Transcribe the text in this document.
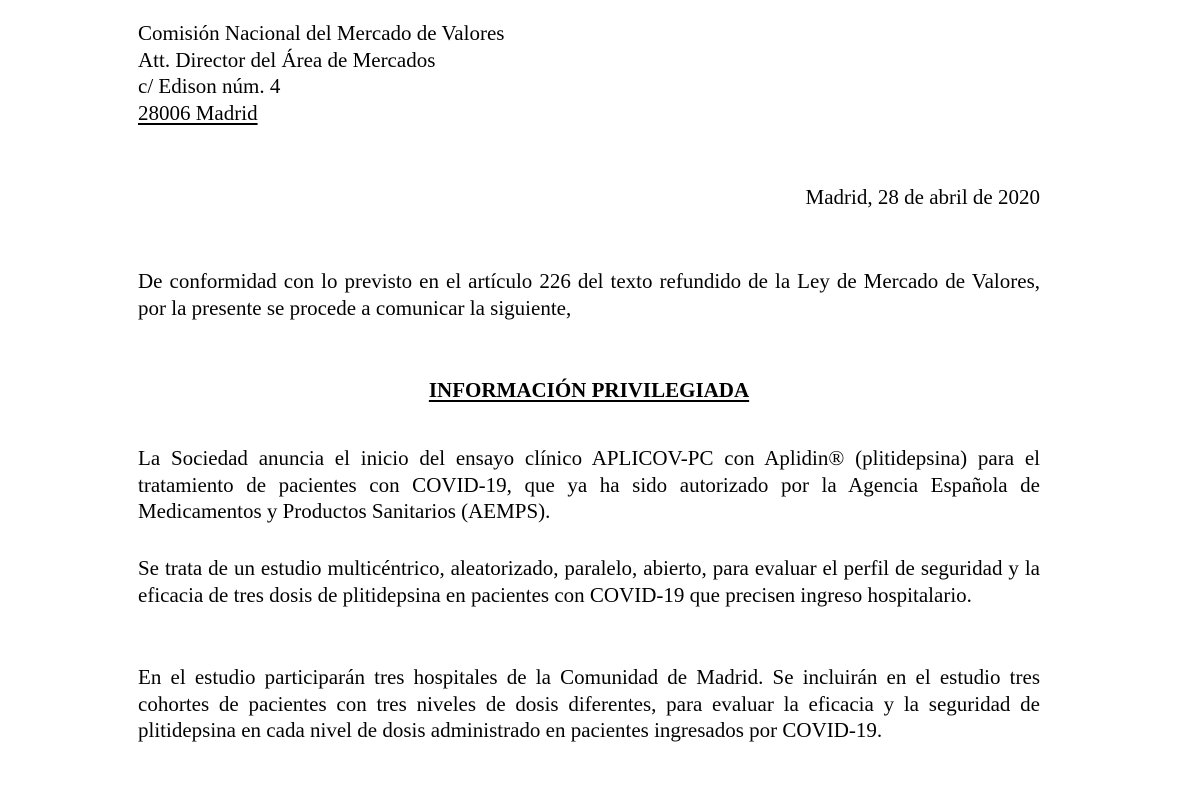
Comisión Nacional del Mercado de Valores
Att. Director del Área de Mercados
c/ Edison núm. 4
28006 Madrid
Madrid, 28 de abril de 2020
De conformidad con lo previsto en el artículo 226 del texto refundido de la Ley de Mercado de Valores, por la presente se procede a comunicar la siguiente,
INFORMACIÓN PRIVILEGIADA
La Sociedad anuncia el inicio del ensayo clínico APLICOV-PC con Aplidin® (plitidepsina) para el tratamiento de pacientes con COVID-19, que ya ha sido autorizado por la Agencia Española de Medicamentos y Productos Sanitarios (AEMPS).
Se trata de un estudio multicéntrico, aleatorizado, paralelo, abierto, para evaluar el perfil de seguridad y la eficacia de tres dosis de plitidepsina en pacientes con COVID-19 que precisen ingreso hospitalario.
En el estudio participarán tres hospitales de la Comunidad de Madrid. Se incluirán en el estudio tres cohortes de pacientes con tres niveles de dosis diferentes, para evaluar la eficacia y la seguridad de plitidepsina en cada nivel de dosis administrado en pacientes ingresados por COVID-19.
